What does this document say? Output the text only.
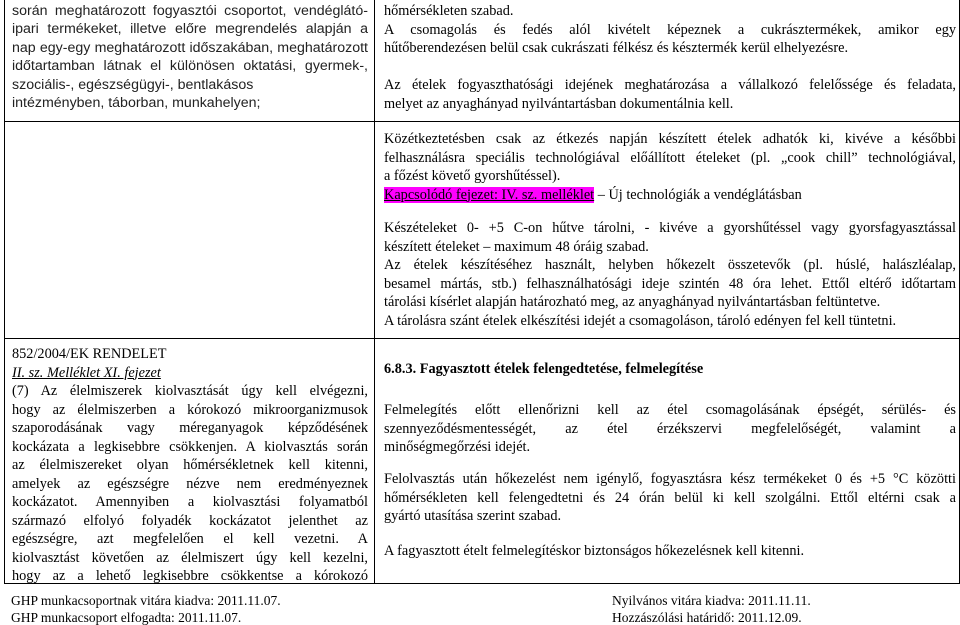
során meghatározott fogyasztói csoportot, vendéglátó-
ipari termékeket, illetve előre megrendelés alapján a
nap egy-egy meghatározott időszakában, meghatározott
időtartamban látnak el különösen oktatási, gyermek-,
szociális-, egészségügyi-, bentlakásos
intézményben, táborban, munkahelyen;
852/2004/EK RENDELET
II. sz. Melléklet XI. fejezet
(7) Az élelmiszerek kiolvasztását úgy kell elvégezni,
hogy az élelmiszerben a kórokozó mikroorganizmusok
szaporodásának vagy méreganyagok képződésének
kockázata a legkisebbre csökkenjen. A kiolvasztás során
az élelmiszereket olyan hőmérsékletnek kell kitenni,
amelyek az egészségre nézve nem eredményeznek
kockázatot. Amennyiben a kiolvasztási folyamatból
származó elfolyó folyadék kockázatot jelenthet az
egészségre, azt megfelelően el kell vezetni. A
kiolvasztást követően az élelmiszert úgy kell kezelni,
hogy az a lehető legkisebbre csökkentse a kórokozó
hőmérsékleten szabad.
A csomagolás és fedés alól kivételt képeznek a cukrásztermékek, amikor egy
hűtőberendezésen belül csak cukrászati félkész és késztermék kerül elhelyezésre.
Az ételek fogyaszthatósági idejének meghatározása a vállalkozó felelőssége és feladata,
melyet az anyaghányad nyilvántartásban dokumentálnia kell.
Közétkeztetésben csak az étkezés napján készített ételek adhatók ki, kivéve a későbbi
felhasználásra speciális technológiával előállított ételeket (pl. „cook chill” technológiával,
a főzést követő gyorshűtéssel).
Kapcsolódó fejezet: IV. sz. melléklet – Új technológiák a vendéglátásban
Készételeket 0- +5 C-on hűtve tárolni, - kivéve a gyorshűtéssel vagy gyorsfagyasztással
készített ételeket – maximum 48 óráig szabad.
Az ételek készítéséhez használt, helyben hőkezelt összetevők (pl. húslé, halászléalap,
besamel mártás, stb.) felhasználhatósági ideje szintén 48 óra lehet. Ettől eltérő időtartam
tárolási kísérlet alapján határozható meg, az anyaghányad nyilvántartásban feltüntetve.
A tárolásra szánt ételek elkészítési idejét a csomagoláson, tároló edényen fel kell tüntetni.
6.8.3. Fagyasztott ételek felengedtetése, felmelegítése
Felmelegítés előtt ellenőrizni kell az étel csomagolásának épségét, sérülés- és
szennyeződésmentességét, az étel érzékszervi megfelelőségét, valamint a
minőségmegőrzési idejét.
Felolvasztás után hőkezelést nem igénylő, fogyasztásra kész termékeket 0 és +5 °C közötti
hőmérsékleten kell felengedtetni és 24 órán belül ki kell szolgálni. Ettől eltérni csak a
gyártó utasítása szerint szabad.
A fagyasztott ételt felmelegítéskor biztonságos hőkezelésnek kell kitenni.
GHP munkacsoportnak vitára kiadva: 2011.11.07.
GHP munkacsoport elfogadta: 2011.11.07.
Nyilvános vitára kiadva: 2011.11.11.
Hozzászólási határidő: 2011.12.09.
